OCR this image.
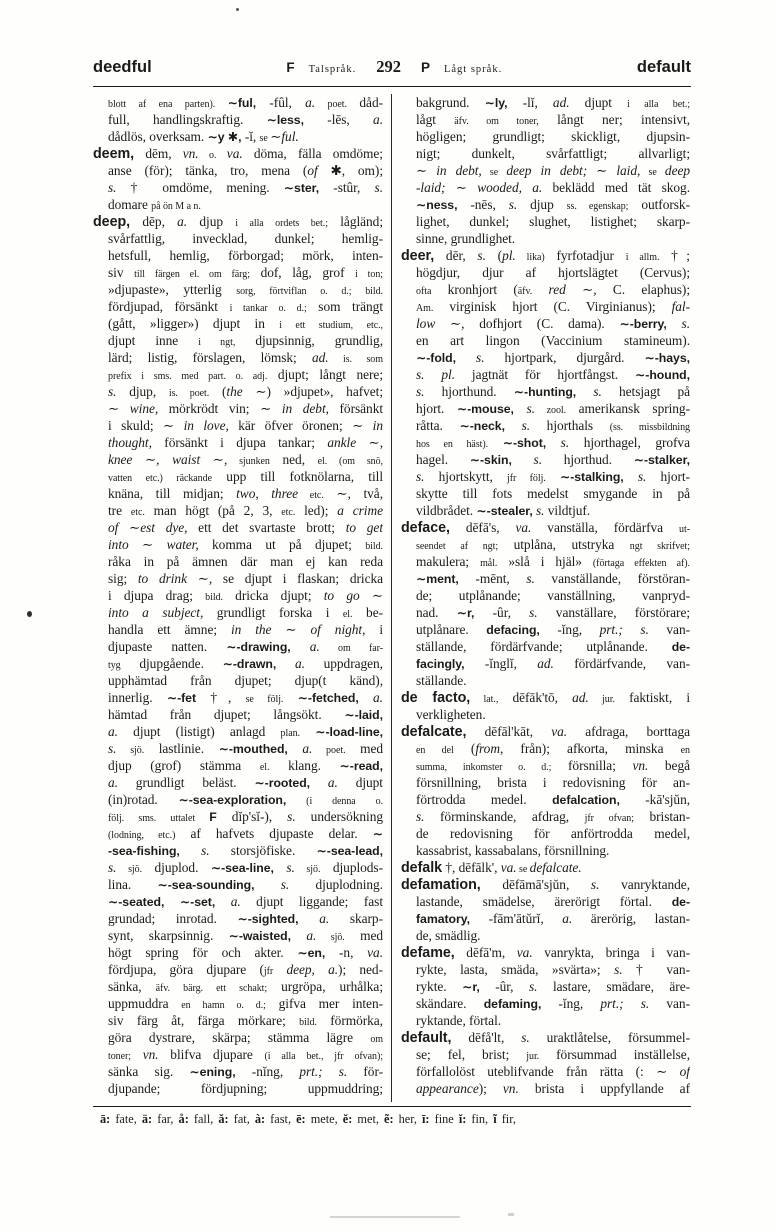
deedful	F Talspråk. 292 P Lågt språk.	default
blott af ena parten). ∼ful, -fûl, a. poet. dåd-
full, handlingskraftig. ∼less, -lēs, a.
dådlös, overksam. ∼y ✱, -ĭ, se ∼ful.
deem, dēm, vn. o. va. döma, fälla omdöme;
anse (för); tänka, tro, mena (of ✱, om);
s. † omdöme, mening. ∼ster, -stûr, s.
domare på ön M a n.
deep, dēp, a. djup i alla ordets bet.; lågländ;
svårfattlig, invecklad, dunkel; hemlig-
hetsfull, hemlig, förborgad; mörk, inten-
siv till färgen el. om färg; dof, låg, grof i ton;
»djupaste», ytterlig sorg, förtviflan o. d.; bild.
fördjupad, försänkt i tankar o. d.; som trängt
(gått, »ligger») djupt in i ett studium, etc.,
djupt inne i ngt, djupsinnig, grundlig,
lärd; listig, förslagen, lömsk; ad. is. som
prefix i sms. med part. o. adj. djupt; långt nere;
s. djup, is. poet. (the ∼) »djupet», hafvet;
∼ wine, mörkrödt vin; ∼ in debt, försänkt
i skuld; ∼ in love, kär öfver öronen; ∼ in
thought, försänkt i djupa tankar; ankle ∼,
knee ∼, waist ∼, sjunken ned, el. (om snö,
vatten etc.) räckande upp till fotknölarna, till
knäna, till midjan; two, three etc. ∼, två,
tre etc. man högt (på 2, 3, etc. led); a crime
of ∼est dye, ett det svartaste brott; to get
into ∼ water, komma ut på djupet; bild.
råka in på ämnen där man ej kan reda
sig; to drink ∼, se djupt i flaskan; dricka
i djupa drag; bild. dricka djupt; to go ∼
into a subject, grundligt forska i el. be-
handla ett ämne; in the ∼ of night, i
djupaste natten. ∼-drawing, a. om far-
tyg djupgående. ∼-drawn, a. uppdragen,
upphämtad från djupet; djup(t känd),
innerlig. ∼-fet †, se följ. ∼-fetched, a.
hämtad från djupet; långsökt. ∼-laid,
a. djupt (listigt) anlagd plan. ∼-load-line,
s. sjö. lastlinie. ∼-mouthed, a. poet. med
djup (grof) stämma el. klang. ∼-read,
a. grundligt beläst. ∼-rooted, a. djupt
(in)rotad. ∼-sea-exploration, (i denna o.
följ. sms. uttalet F dĭp'sĭ-), s. undersökning
(lodning, etc.) af hafvets djupaste delar. ∼
-sea-fishing, s. storsjöfiske. ∼-sea-lead,
s. sjö. djuplod. ∼-sea-line, s. sjö. djuplods-
lina. ∼-sea-sounding, s. djuplodning.
∼-seated, ∼-set, a. djupt liggande; fast
grundad; inrotad. ∼-sighted, a. skarp-
synt, skarpsinnig. ∼-waisted, a. sjö. med
högt spring för och akter. ∼en, -n, va.
fördjupa, göra djupare (jfr deep, a.); ned-
sänka, äfv. bärg. ett schakt; urgröpa, urhålka;
uppmuddra en hamn o. d.; gifva mer inten-
siv färg åt, färga mörkare; bild. förmörka,
göra dystrare, skärpa; stämma lägre om
toner; vn. blifva djupare (i alla bet., jfr ofvan);
sänka sig. ∼ening, -nĭng, prt.; s. för-
djupande; fördjupning; uppmuddring;
bakgrund. ∼ly, -lĭ, ad. djupt i alla bet.;
lågt äfv. om toner, långt ner; intensivt,
högligen; grundligt; skickligt, djupsin-
nigt; dunkelt, svårfattligt; allvarligt;
∼ in debt, se deep in debt; ∼ laid, se deep
-laid; ∼ wooded, a. beklädd med tät skog.
∼ness, -nēs, s. djup ss. egenskap; outforsk-
lighet, dunkel; slughet, listighet; skarp-
sinne, grundlighet.
deer, dēr, s. (pl. lika) fyrfotadjur i allm. †;
högdjur, djur af hjortslägtet (Cervus);
ofta kronhjort (äfv. red ∼, C. elaphus);
Am. virginisk hjort (C. Virginianus); fal-
low ∼, dofhjort (C. dama). ∼-berry, s.
en art lingon (Vaccinium stamineum).
∼-fold, s. hjortpark, djurgård. ∼-hays,
s. pl. jagtnät för hjortfångst. ∼-hound,
s. hjorthund. ∼-hunting, s. hetsjagt på
hjort. ∼-mouse, s. zool. amerikansk spring-
råtta. ∼-neck, s. hjorthals (ss. missbildning
hos en häst). ∼-shot, s. hjorthagel, grofva
hagel. ∼-skin, s. hjorthud. ∼-stalker,
s. hjortskytt, jfr följ. ∼-stalking, s. hjort-
skytte till fots medelst smygande in på
vildbrådet. ∼-stealer, s. vildtjuf.
deface, dēfā's, va. vanställa, fördärfva ut-
seendet af ngt; utplåna, utstryka ngt skrifvet;
makulera; mål. »slå i hjäl» (förtaga effekten af).
∼ment, -mēnt, s. vanställande, förstöran-
de; utplånande; vanställning, vanpryd-
nad. ∼r, -ûr, s. vanställare, förstörare;
utplånare. defacing, -ĭng, prt.; s. van-
ställande, fördärfvande; utplånande. de-
facingly, -ĭnglĭ, ad. fördärfvande, van-
ställande.
de facto, lat., dēfāk'tō, ad. jur. faktiskt, i
verkligheten.
defalcate, dēfāl'kāt, va. afdraga, borttaga
en del (from, från); afkorta, minska en
summa, inkomster o. d.; försnilla; vn. begå
försnillning, brista i redovisning för an-
förtrodda medel. defalcation, -kā'sjŭn,
s. förminskande, afdrag, jfr ofvan; bristan-
de redovisning för anförtrodda medel,
kassabrist, kassabalans, försnillning.
defalk †, dēfālk', va. se defalcate.
defamation, dēfāmā'sjŭn, s. vanryktande,
lastande, smädelse, ärerörigt förtal. de-
famatory, -fām'ātŭrĭ, a. ärerörig, lastan-
de, smädlig.
defame, dēfā'm, va. vanrykta, bringa i van-
rykte, lasta, smäda, »svärta»; s. † van-
rykte. ∼r, -ûr, s. lastare, smädare, äre-
skändare. defaming, -ĭng, prt.; s. van-
ryktande, förtal.
default, dēfå'lt, s. uraktlåtelse, försummel-
se; fel, brist; jur. försummad inställelse,
förfallolöst uteblifvande från rätta (: ∼ of
appearance); vn. brista i uppfyllande af
ā: fate, ä: far, å: fall, ă: fat, à: fast, ē: mete, ĕ: met, ẽ: her, ī: fine ĭ: fin, ĩ fir,
